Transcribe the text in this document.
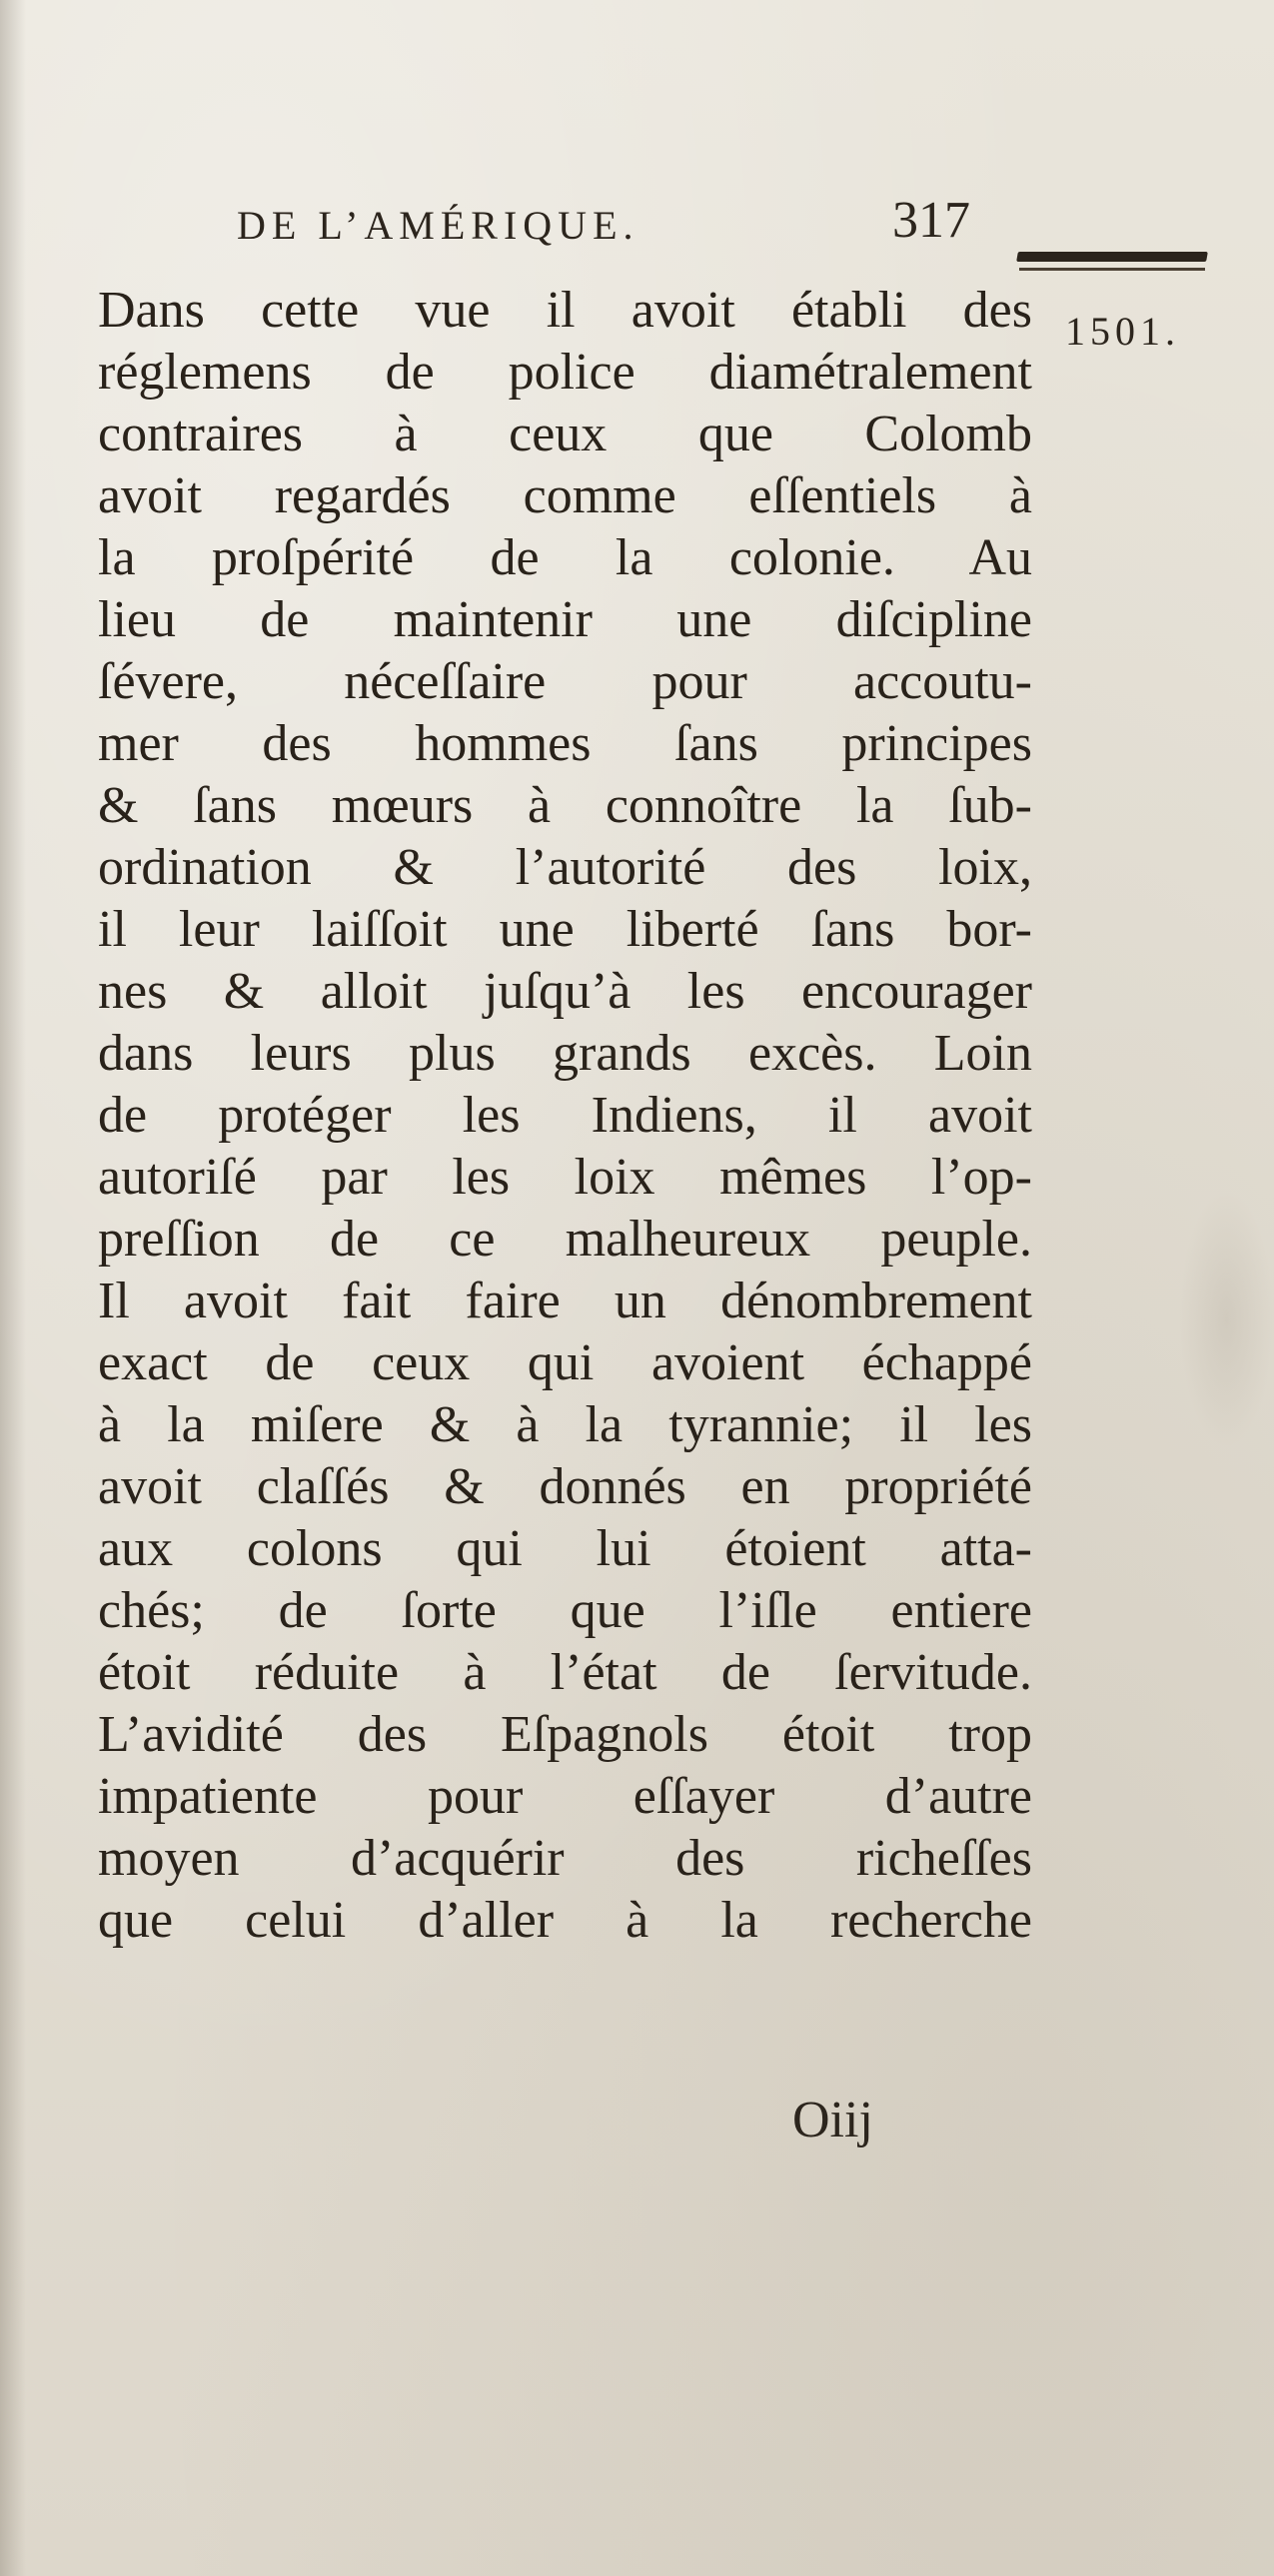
DE L’AMÉRIQUE.	317
1501.
Dans cette vue il avoit établi des
réglemens de police diamétralement
contraires à ceux que Colomb
avoit regardés comme eſſentiels à
la proſpérité de la colonie. Au
lieu de maintenir une diſcipline
ſévere, néceſſaire pour accoutu-
mer des hommes ſans principes
& ſans mœurs à connoître la ſub-
ordination & l’autorité des loix,
il leur laiſſoit une liberté ſans bor-
nes & alloit juſqu’à les encourager
dans leurs plus grands excès. Loin
de protéger les Indiens, il avoit
autoriſé par les loix mêmes l’op-
preſſion de ce malheureux peuple.
Il avoit fait faire un dénombrement
exact de ceux qui avoient échappé
à la miſere & à la tyrannie; il les
avoit claſſés & donnés en propriété
aux colons qui lui étoient atta-
chés; de ſorte que l’iſle entiere
étoit réduite à l’état de ſervitude.
L’avidité des Eſpagnols étoit trop
impatiente pour eſſayer d’autre
moyen d’acquérir des richeſſes
que celui d’aller à la recherche
Oiij
